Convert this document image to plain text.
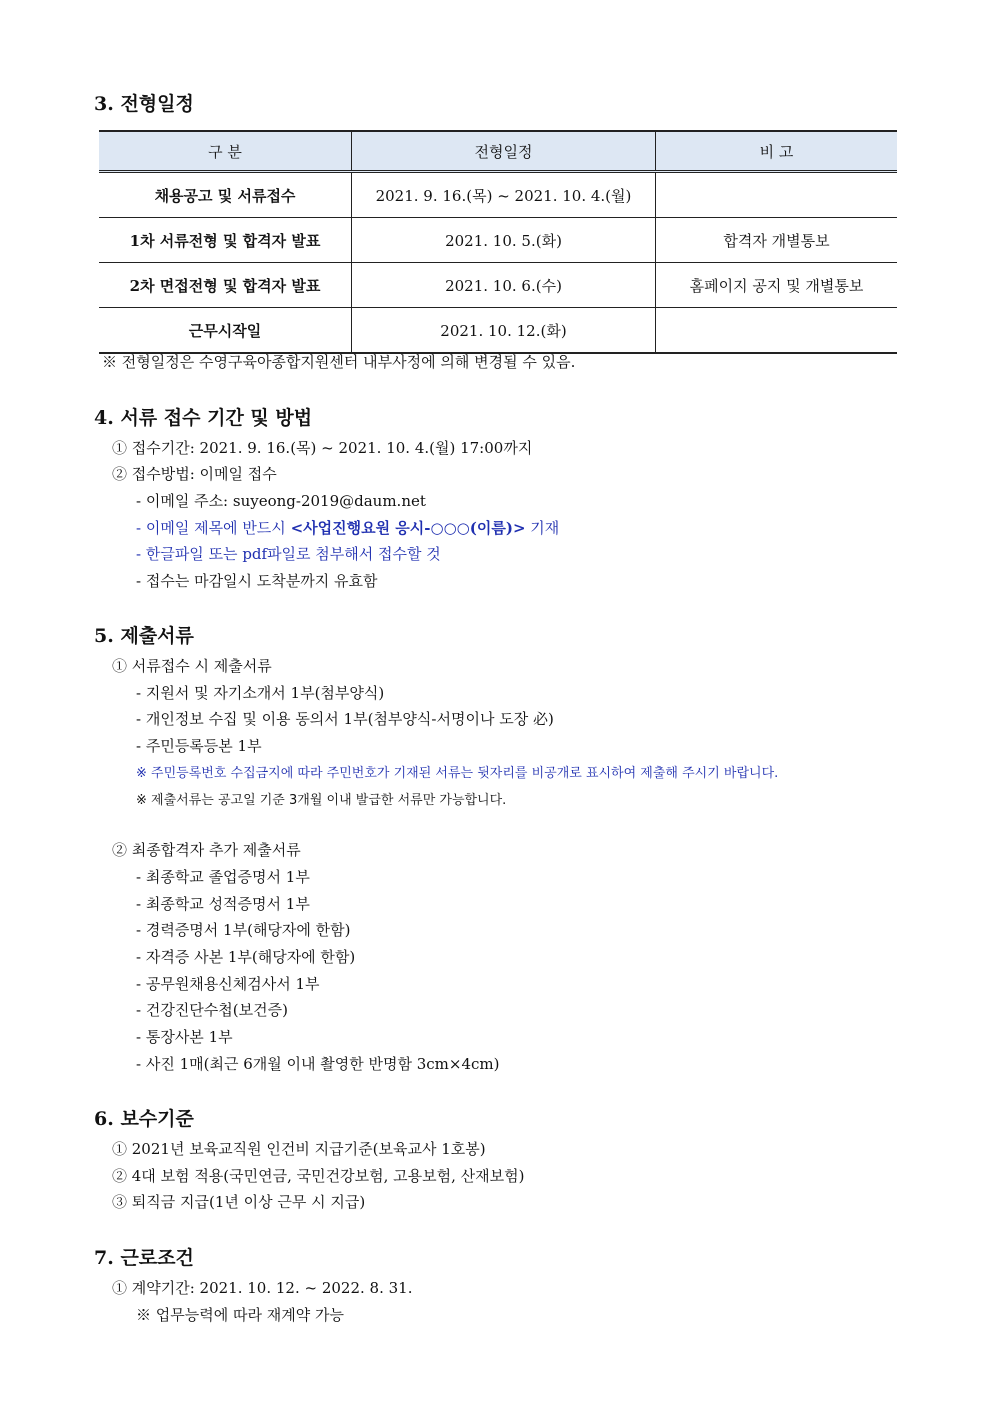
3. 전형일정
구 분	전형일정	비 고
채용공고 및 서류접수	2021. 9. 16.(목) ~ 2021. 10. 4.(월)	
1차 서류전형 및 합격자 발표	2021. 10. 5.(화)	합격자 개별통보
2차 면접전형 및 합격자 발표	2021. 10. 6.(수)	홈페이지 공지 및 개별통보
근무시작일	2021. 10. 12.(화)	
※ 전형일정은 수영구육아종합지원센터 내부사정에 의해 변경될 수 있음.
4. 서류 접수 기간 및 방법
① 접수기간: 2021. 9. 16.(목) ~ 2021. 10. 4.(월) 17:00까지
② 접수방법: 이메일 접수
- 이메일 주소: suyeong-2019@daum.net
- 이메일 제목에 반드시 <사업진행요원 응시-○○○(이름)> 기재
- 한글파일 또는 pdf파일로 첨부해서 접수할 것
- 접수는 마감일시 도착분까지 유효함
5. 제출서류
① 서류접수 시 제출서류
- 지원서 및 자기소개서 1부(첨부양식)
- 개인정보 수집 및 이용 동의서 1부(첨부양식-서명이나 도장 必)
- 주민등록등본 1부
※ 주민등록번호 수집금지에 따라 주민번호가 기재된 서류는 뒷자리를 비공개로 표시하여 제출해 주시기 바랍니다.
※ 제출서류는 공고일 기준 3개월 이내 발급한 서류만 가능합니다.
② 최종합격자 추가 제출서류
- 최종학교 졸업증명서 1부
- 최종학교 성적증명서 1부
- 경력증명서 1부(해당자에 한함)
- 자격증 사본 1부(해당자에 한함)
- 공무원채용신체검사서 1부
- 건강진단수첩(보건증)
- 통장사본 1부
- 사진 1매(최근 6개월 이내 촬영한 반명함 3cm×4cm)
6. 보수기준
① 2021년 보육교직원 인건비 지급기준(보육교사 1호봉)
② 4대 보험 적용(국민연금, 국민건강보험, 고용보험, 산재보험)
③ 퇴직금 지급(1년 이상 근무 시 지급)
7. 근로조건
① 계약기간: 2021. 10. 12. ~ 2022. 8. 31.
※ 업무능력에 따라 재계약 가능
